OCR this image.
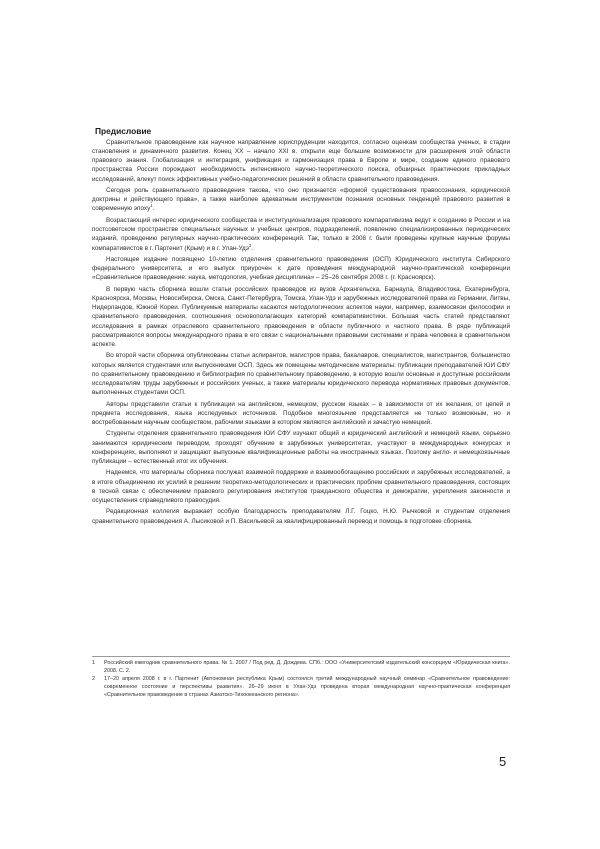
Предисловие

Сравнительное правоведение как научное направление юриспруденции находится, согласно оценкам сообщества ученых, в стадии становления и динамичного развития. Конец XX – начало XXI в. открыли еще большие возможности для расширения этой области правового знания. Глобализация и интеграция, унификация и гармонизация права в Европе и мире, создание единого правового пространства России порождают необходимость интенсивного научно-теоретического поиска, обширных практических прикладных исследований, влекут поиск эффективных учебно-педагогических решений в области сравнительного правоведения.

Сегодня роль сравнительного правоведения такова, что оно признается «формой существования правосознания, юридической доктрины и действующего права», а также наиболее адекватным инструментом познания основных тенденций правового развития в современную эпоху$^1$.

Возрастающий интерес юридического сообщества и институционализация правового компаративизма ведут к созданию в России и на постсоветском пространстве специальных научных и учебных центров, подразделений, появлению специализированных периодических изданий, проведению регулярных научно-практических конференций. Так, только в 2008 г. были проведены крупные научные форумы компаративистов в г. Партенит (Крым) и в г. Улан-Удэ$^2$.

Настоящее издание посвящено 10-летию отделения сравнительного правоведения (ОСП) Юридического института Сибирского федерального университета, и его выпуск приурочен к дате проведения международной научно-практической конференции «Сравнительное правоведение: наука, методология, учебная дисциплина» – 25–26 сентября 2008 г. (г. Красноярск).

В первую часть сборника вошли статьи российских правоведов из вузов Архангельска, Барнаула, Владивостока, Екатеринбурга, Красноярска, Москвы, Новосибирска, Омска, Санкт-Петербурга, Томска, Улан-Удэ и зарубежных исследователей права из Германии, Литвы, Нидерландов, Южной Кореи. Публикуемые материалы касаются методологических аспектов науки, например, взаимосвязи философии и сравнительного правоведения, соотношения основополагающих категорий компаративистики. Большая часть статей представляют исследования в рамках отраслевого сравнительного правоведения в области публичного и частного права. В ряде публикаций рассматриваются вопросы международного права в его связи с национальными правовыми системами и права человека в сравнительном аспекте.

Во второй части сборника опубликованы статьи аспирантов, магистров права, бакалавров, специалистов, магистрантов, большинство которых является студентами или выпускниками ОСП. Здесь же помещены методические материалы: публикации преподавателей ЮИ СФУ по сравнительному правоведению и библиография по сравнительному правоведению, в которую вошли основные и доступные российским исследователям труды зарубежных и российских ученых, а также материалы юридического перевода нормативных правовых документов, выполненных студентами ОСП.

Авторы представили статьи к публикации на английском, немецком, русском языках – в зависимости от их желания, от целей и предмета исследования, языка исследуемых источников. Подобное многоязычие представляется не только возможным, но и востребованным научным сообществом, рабочими языками в котором являются английский и зачастую немецкий.

Студенты отделения сравнительного правоведения ЮИ СФУ изучают общий и юридический английский и немецкий языки, серьезно занимаются юридическим переводом, проходят обучение в зарубежных университетах, участвуют в международных конкурсах и конференциях, выполняют и защищают выпускные квалификационные работы на иностранных языках. Поэтому англо- и немецкоязычные публикации – естественный итог их обучения.

Надеемся, что материалы сборника послужат взаимной поддержке и взаимообогащению российских и зарубежных исследователей, а в итоге объединению их усилий в решении теоретико-методологических и практических проблем сравнительного правоведения, состоящих в тесной связи с обеспечением правового регулирования институтов гражданского общества и демократии, укрепления законности и осуществления справедливого правосудия.

Редакционная коллегия выражает особую благодарность преподавателям Л.Г. Гоцко, Н.Ю. Рычковой и студентам отделения сравнительного правоведения А. Лысиковой и П. Васильевой за квалифицированный перевод и помощь в подготовке сборника.

1 Российский ежегодник сравнительного права. № 1. 2007 / Под ред. Д. Дождева. СПб.: ООО «Университетский издательский консорциум «Юридическая книга». 2008. С. 2.

2 17–20 апреля 2008 г. в г. Партенит (Автономная республика Крым) состоялся третий международный научный семинар «Сравнительное правоведение: современное состояние и перспективы развития». 26–29 июня в Улан-Удэ проведена вторая международная научно-практическая конференция «Сравнительное правоведение в странах Азиатско-Тихоокеанского региона».

5
